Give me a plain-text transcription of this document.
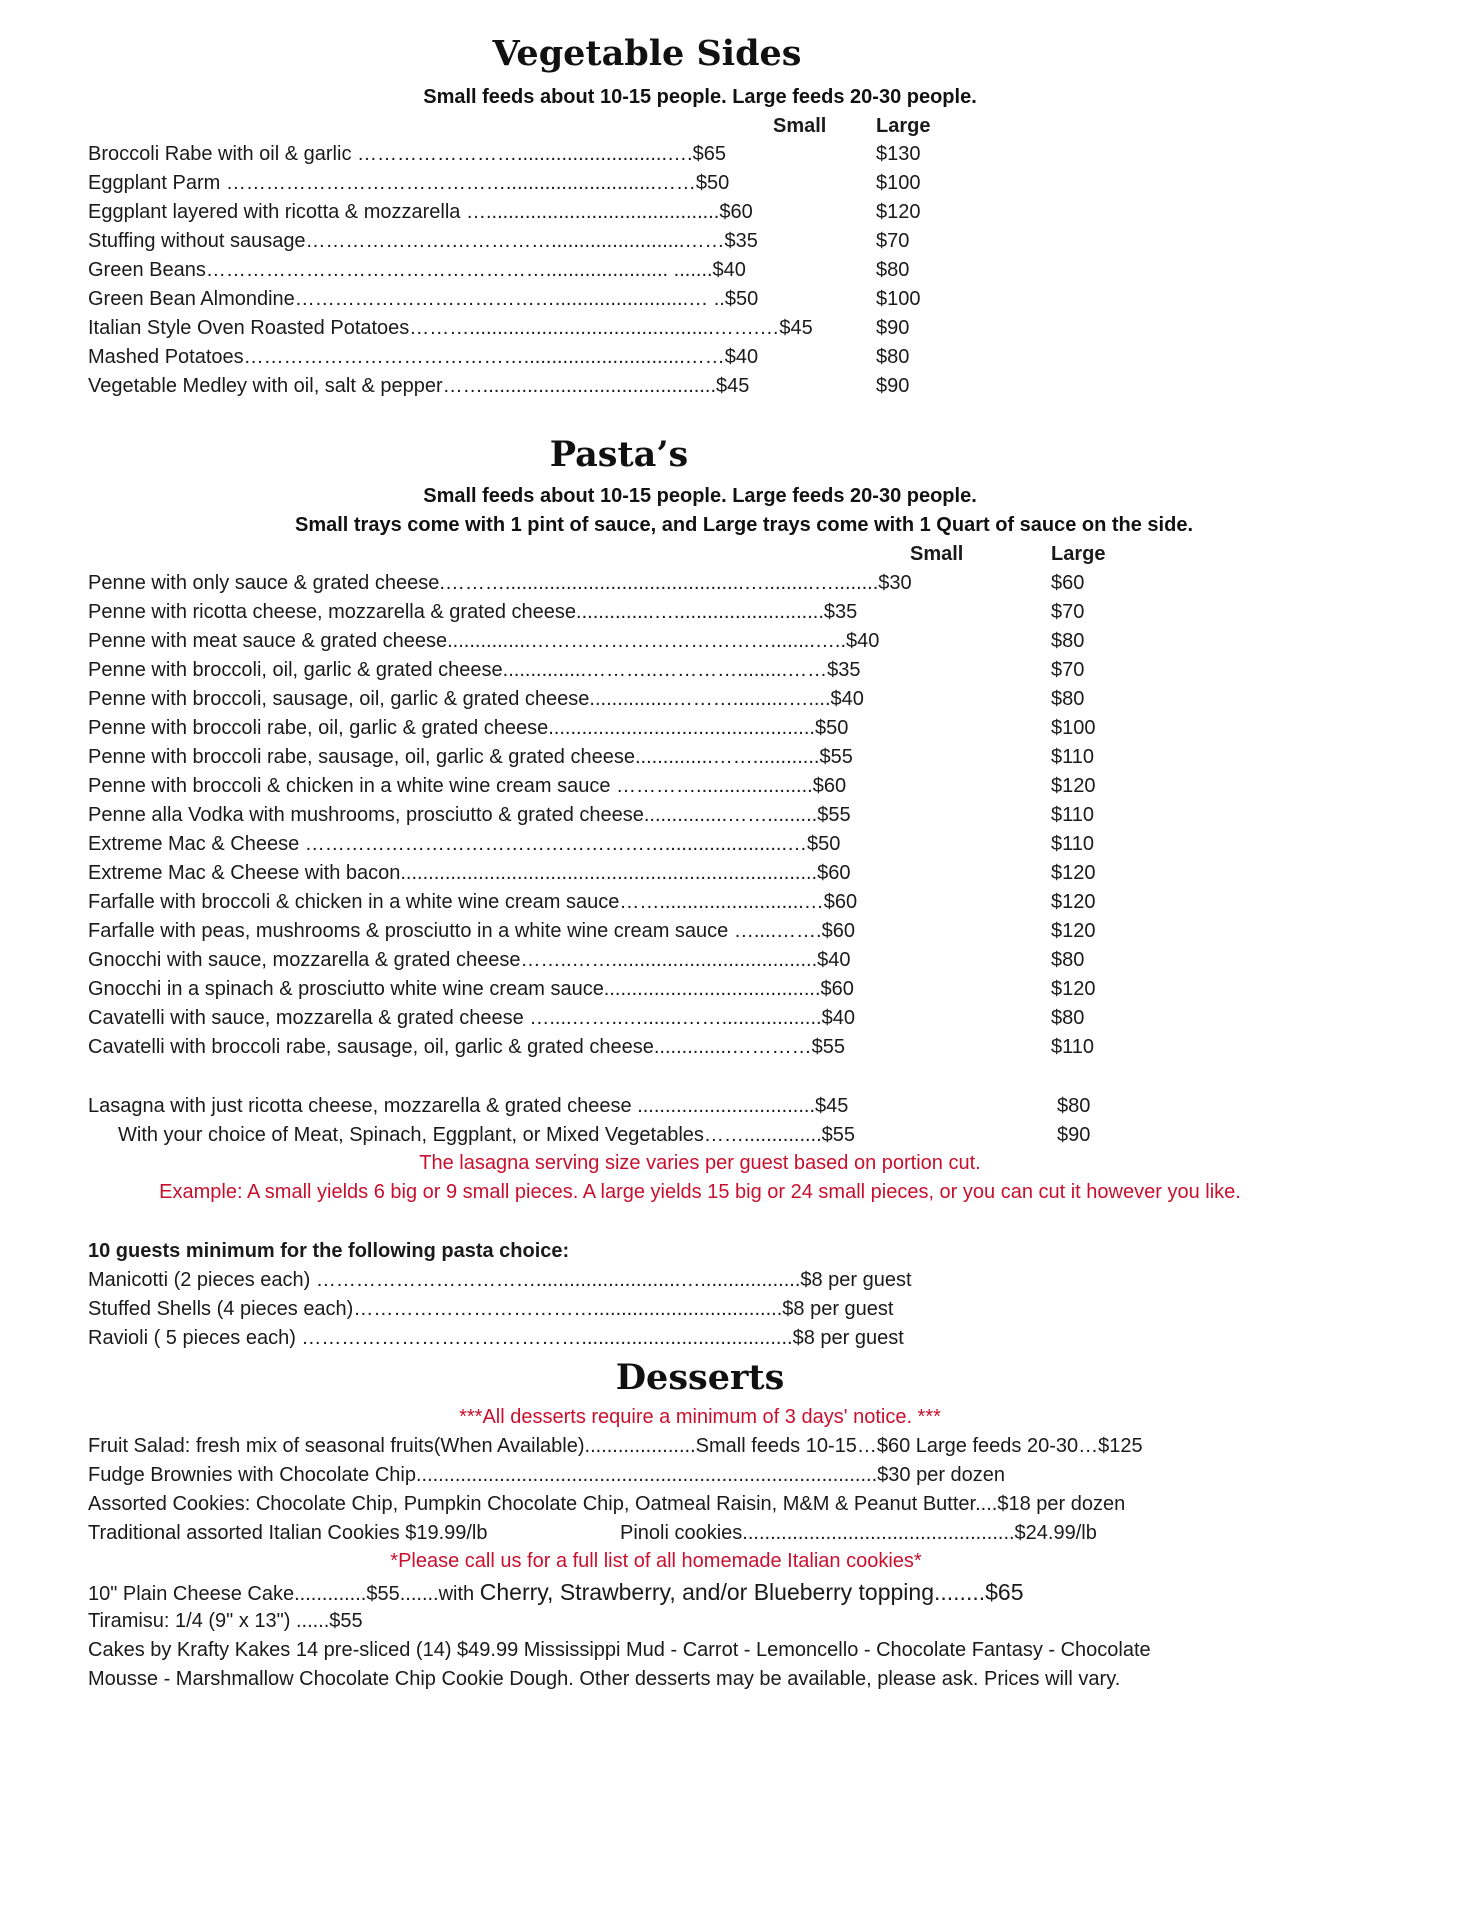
Vegetable Sides
Small feeds about 10-15 people. Large feeds 20-30 people.
Small Large
Broccoli Rabe with oil & garlic ……………………...........................….$65	$130
Eggplant Parm ……………………………………...........................……$50	$100
Eggplant layered with ricotta & mozzarella …..........................................$60	$120
Stuffing without sausage………………….……………........................……$35	$70
Green Beans……………………………………………...................... .......$40	$80
Green Bean Almondine…………………………………........................… ..$50	$100
Italian Style Oven Roasted Potatoes………............................................…….…$45	$90
Mashed Potatoes…………………………………….............................……$40	$80
Vegetable Medley with oil, salt & pepper……..........................................$45	$90
Pasta’s
Small feeds about 10-15 people. Large feeds 20-30 people.
Small trays come with 1 pint of sauce, and Large trays come with 1 Quart of sauce on the side.
Small	Large
Penne with only sauce & grated cheese.………...........................................….........…........$30	$60
Penne with ricotta cheese, mozzarella & grated cheese..............…...........................$35	$70
Penne with meat sauce & grated cheese...............………………………………........…..$40	$80
Penne with broccoli, oil, garlic & grated cheese...............………..………….........……$35	$70
Penne with broccoli, sausage, oil, garlic & grated cheese...............………..........…....$40	$80
Penne with broccoli rabe, oil, garlic & grated cheese................................................$50	$100
Penne with broccoli rabe, sausage, oil, garlic & grated cheese..............……............$55	$110
Penne with broccoli & chicken in a white wine cream sauce ………….....................$60	$120
Penne alla Vodka with mushrooms, prosciutto & grated cheese...............…….........$55	$110
Extreme Mac & Cheese ………………………………………………......................…$50	$110
Extreme Mac & Cheese with bacon...........................................................................$60	$120
Farfalle with broccoli & chicken in a white wine cream sauce……..........................…$60	$120
Farfalle with peas, mushrooms & prosciutto in a white wine cream sauce …....…….$60	$120
Gnocchi with sauce, mozzarella & grated cheese……..…….....................................$40	$80
Gnocchi in a spinach & prosciutto white wine cream sauce.......................................$60	$120
Cavatelli with sauce, mozzarella & grated cheese …....……..….......……..................$40	$80
Cavatelli with broccoli rabe, sausage, oil, garlic & grated cheese..............…………$55	$110
Lasagna with just ricotta cheese, mozzarella & grated cheese ................................$45	$80
With your choice of Meat, Spinach, Eggplant, or Mixed Vegetables……..............$55	$90
The lasagna serving size varies per guest based on portion cut.
Example: A small yields 6 big or 9 small pieces. A large yields 15 big or 24 small pieces, or you can cut it however you like.
10 guests minimum for the following pasta choice:
Manicotti (2 pieces each) ……………………………..........................…..................$8 per guest
Stuffed Shells (4 pieces each)………………………………..................................$8 per guest
Ravioli ( 5 pieces each) ……………………………………......................................$8 per guest
Desserts
***All desserts require a minimum of 3 days' notice. ***
Fruit Salad: fresh mix of seasonal fruits(When Available)....................Small feeds 10-15…$60 Large feeds 20-30…$125
Fudge Brownies with Chocolate Chip...................................................................................$30 per dozen
Assorted Cookies: Chocolate Chip, Pumpkin Chocolate Chip, Oatmeal Raisin, M&M & Peanut Butter....$18 per dozen
Traditional assorted Italian Cookies $19.99/lb	Pinoli cookies.................................................$24.99/lb
*Please call us for a full list of all homemade Italian cookies*
10" Plain Cheese Cake.............$55.......with Cherry, Strawberry, and/or Blueberry topping........$65
Tiramisu: 1/4 (9" x 13") ......$55
Cakes by Krafty Kakes 14 pre-sliced (14) $49.99 Mississippi Mud - Carrot - Lemoncello - Chocolate Fantasy - Chocolate
Mousse - Marshmallow Chocolate Chip Cookie Dough. Other desserts may be available, please ask. Prices will vary.
